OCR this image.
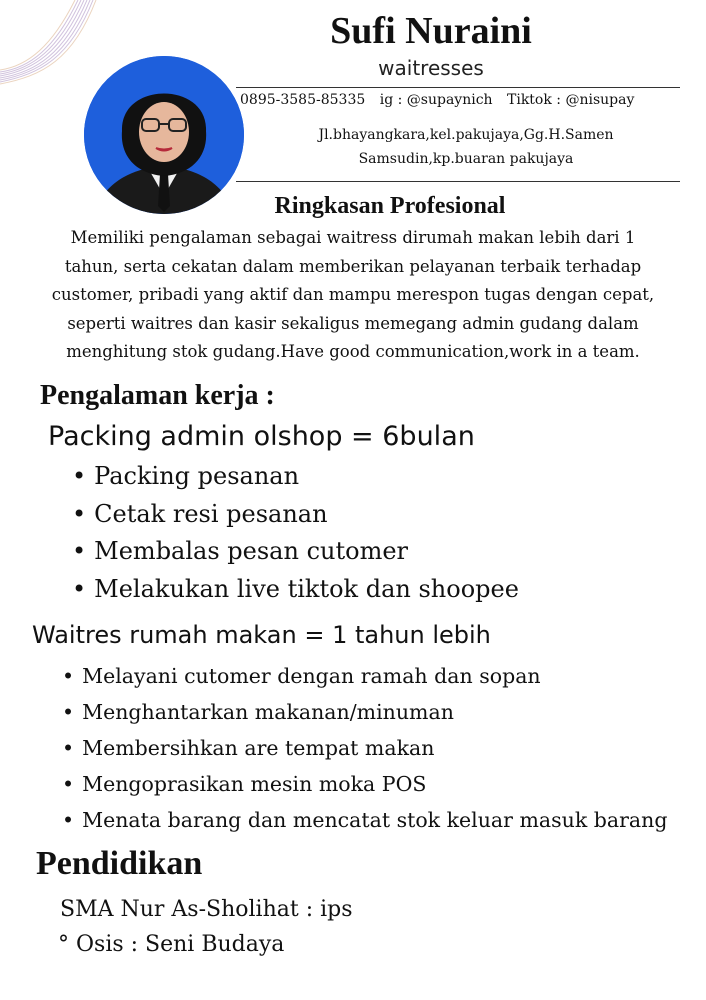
Sufi Nuraini
waitresses
0895-3585-85335 ig : @supaynich Tiktok : @nisupay
Jl.bhayangkara,kel.pakujaya,Gg.H.Samen
Samsudin,kp.buaran pakujaya
Ringkasan Profesional
Memiliki pengalaman sebagai waitress dirumah makan lebih dari 1
tahun, serta cekatan dalam memberikan pelayanan terbaik terhadap
customer, pribadi yang aktif dan mampu merespon tugas dengan cepat,
seperti waitres dan kasir sekaligus memegang admin gudang dalam
menghitung stok gudang.Have good communication,work in a team.
Pengalaman kerja :
Packing admin olshop = 6bulan
• Packing pesanan
• Cetak resi pesanan
• Membalas pesan cutomer
• Melakukan live tiktok dan shoopee
Waitres rumah makan = 1 tahun lebih
• Melayani cutomer dengan ramah dan sopan
• Menghantarkan makanan/minuman
• Membersihkan are tempat makan
• Mengoprasikan mesin moka POS
• Menata barang dan mencatat stok keluar masuk barang
Pendidikan
SMA Nur As-Sholihat : ips
° Osis : Seni Budaya
